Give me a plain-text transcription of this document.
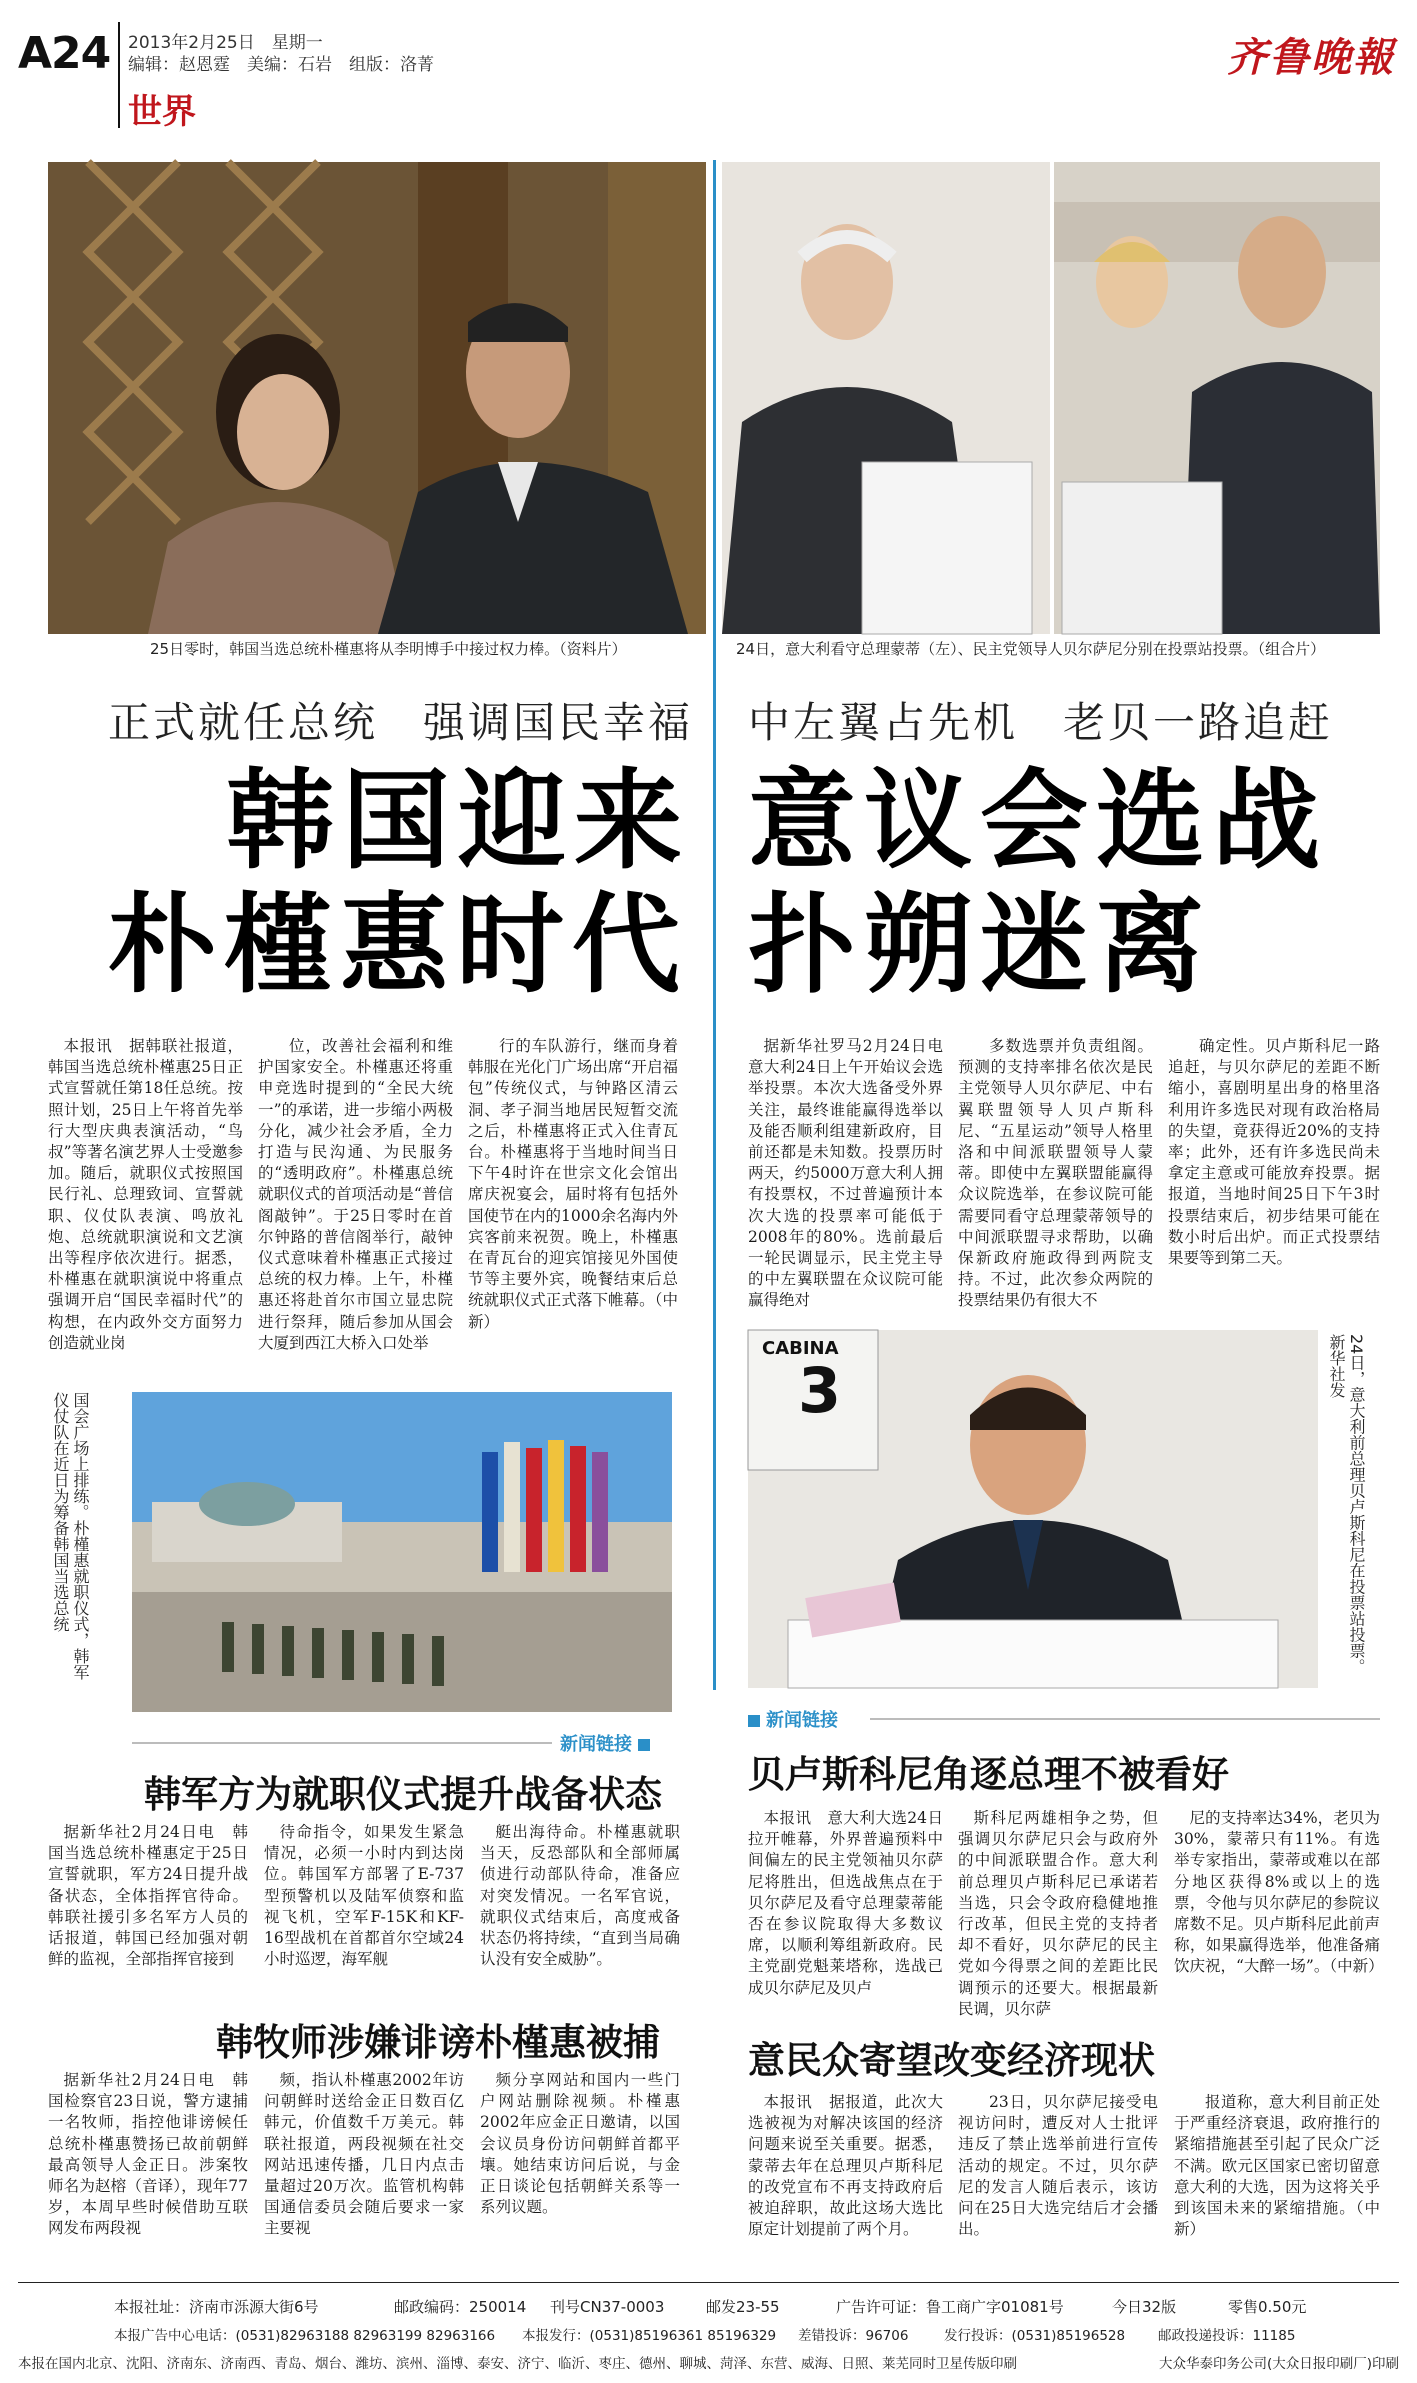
A24 2013年2月25日　星期一
编辑：赵恩霆　美编：石岩　组版：洛菁
世界
齐鲁晚報
25日零时，韩国当选总统朴槿惠将从李明博手中接过权力棒。（资料片）	24日，意大利看守总理蒙蒂（左）、民主党领导人贝尔萨尼分别在投票站投票。（组合片）
正式就任总统　强调国民幸福
韩国迎来
朴槿惠时代
中左翼占先机　老贝一路追赶
意议会选战
扑朔迷离

本报讯　据韩联社报道，韩国当选总统朴槿惠25日正式宣誓就任第18任总统。按照计划，25日上午将首先举行大型庆典表演活动，“鸟叔”等著名演艺界人士受邀参加。随后，就职仪式按照国民行礼、总理致词、宣誓就职、仪仗队表演、鸣放礼炮、总统就职演说和文艺演出等程序依次进行。据悉，朴槿惠在就职演说中将重点强调开启“国民幸福时代”的构想，在内政外交方面努力创造就业岗

位，改善社会福利和维护国家安全。朴槿惠还将重申竞选时提到的“全民大统一”的承诺，进一步缩小两极分化，减少社会矛盾，全力打造与民沟通、为民服务的“透明政府”。朴槿惠总统就职仪式的首项活动是“普信阁敲钟”。于25日零时在首尔钟路的普信阁举行，敲钟仪式意味着朴槿惠正式接过总统的权力棒。上午，朴槿惠还将赴首尔市国立显忠院进行祭拜，随后参加从国会大厦到西江大桥入口处举

行的车队游行，继而身着韩服在光化门广场出席“开启福包”传统仪式，与钟路区清云洞、孝子洞当地居民短暂交流之后，朴槿惠将正式入住青瓦台。朴槿惠将于当地时间当日下午4时许在世宗文化会馆出席庆祝宴会，届时将有包括外国使节在内的1000余名海内外宾客前来祝贺。晚上，朴槿惠在青瓦台的迎宾馆接见外国使节等主要外宾，晚餐结束后总统就职仪式正式落下帷幕。（中新）

据新华社罗马2月24日电　意大利24日上午开始议会选举投票。本次大选备受外界关注，最终谁能赢得选举以及能否顺利组建新政府，目前还都是未知数。投票历时两天，约5000万意大利人拥有投票权，不过普遍预计本次大选的投票率可能低于2008年的80%。选前最后一轮民调显示，民主党主导的中左翼联盟在众议院可能赢得绝对

多数选票并负责组阁。预测的支持率排名依次是民主党领导人贝尔萨尼、中右翼联盟领导人贝卢斯科尼、“五星运动”领导人格里洛和中间派联盟领导人蒙蒂。即使中左翼联盟能赢得众议院选举，在参议院可能需要同看守总理蒙蒂领导的中间派联盟寻求帮助，以确保新政府施政得到两院支持。不过，此次参众两院的投票结果仍有很大不

确定性。贝卢斯科尼一路追赶，与贝尔萨尼的差距不断缩小，喜剧明星出身的格里洛利用许多选民对现有政治格局的失望，竟获得近20%的支持率；此外，还有许多选民尚未拿定主意或可能放弃投票。据报道，当地时间25日下午3时投票结束后，初步结果可能在数小时后出炉。而正式投票结果要等到第二天。

国会广场上排练。朴槿惠就职仪式，韩军仪仗队在近日为筹备韩国当选总统
CABINA
3	24日，意大利前总理贝卢斯科尼在投票站投票。新华社发
新闻链接
韩军方为就职仪式提升战备状态

据新华社2月24日电　韩国当选总统朴槿惠定于25日宣誓就职，军方24日提升战备状态，全体指挥官待命。韩联社援引多名军方人员的话报道，韩国已经加强对朝鲜的监视，全部指挥官接到

待命指令，如果发生紧急情况，必须一小时内到达岗位。韩国军方部署了E-737型预警机以及陆军侦察和监视飞机，空军F-15K和KF-16型战机在首都首尔空域24小时巡逻，海军舰

艇出海待命。朴槿惠就职当天，反恐部队和全部师属侦进行动部队待命，准备应对突发情况。一名军官说，就职仪式结束后，高度戒备状态仍将持续，“直到当局确认没有安全威胁”。

韩牧师涉嫌诽谤朴槿惠被捕

据新华社2月24日电　韩国检察官23日说，警方逮捕一名牧师，指控他诽谤候任总统朴槿惠赞扬已故前朝鲜最高领导人金正日。涉案牧师名为赵榕（音译），现年77岁，本周早些时候借助互联网发布两段视

频，指认朴槿惠2002年访问朝鲜时送给金正日数百亿韩元，价值数千万美元。韩联社报道，两段视频在社交网站迅速传播，几日内点击量超过20万次。监管机构韩国通信委员会随后要求一家主要视

频分享网站和国内一些门户网站删除视频。朴槿惠2002年应金正日邀请，以国会议员身份访问朝鲜首都平壤。她结束访问后说，与金正日谈论包括朝鲜关系等一系列议题。

新闻链接
贝卢斯科尼角逐总理不被看好

本报讯　意大利大选24日拉开帷幕，外界普遍预料中间偏左的民主党领袖贝尔萨尼将胜出，但选战焦点在于贝尔萨尼及看守总理蒙蒂能否在参议院取得大多数议席，以顺利筹组新政府。民主党副党魁莱塔称，选战已成贝尔萨尼及贝卢

斯科尼两雄相争之势，但强调贝尔萨尼只会与政府外的中间派联盟合作。意大利前总理贝卢斯科尼已承诺若当选，只会令政府稳健地推行改革，但民主党的支持者却不看好，贝尔萨尼的民主党如今得票之间的差距比民调预示的还要大。根据最新民调，贝尔萨

尼的支持率达34%，老贝为30%，蒙蒂只有11%。有选举专家指出，蒙蒂或难以在部分地区获得8%或以上的选票，令他与贝尔萨尼的参院议席数不足。贝卢斯科尼此前声称，如果赢得选举，他准备痛饮庆祝，“大醉一场”。（中新）

意民众寄望改变经济现状

本报讯　据报道，此次大选被视为对解决该国的经济问题来说至关重要。据悉，蒙蒂去年在总理贝卢斯科尼的改党宣布不再支持政府后被迫辞职，故此这场大选比原定计划提前了两个月。

23日，贝尔萨尼接受电视访问时，遭反对人士批评违反了禁止选举前进行宣传活动的规定。不过，贝尔萨尼的发言人随后表示，该访问在25日大选完结后才会播出。

报道称，意大利目前正处于严重经济衰退，政府推行的紧缩措施甚至引起了民众广泛不满。欧元区国家已密切留意意大利的大选，因为这将关乎到该国未来的紧缩措施。（中新）

本报社址：济南市泺源大街6号	邮政编码：250014 刊号CN37-0003	邮发23-55	广告许可证：鲁工商广字01081号	今日32版	零售0.50元
本报广告中心电话：(0531)82963188 82963199 82963166 本报发行：(0531)85196361 85196329 差错投诉：96706	发行投诉：(0531)85196528 邮政投递投诉：11185
本报在国内北京、沈阳、济南东、济南西、青岛、烟台、潍坊、滨州、淄博、泰安、济宁、临沂、枣庄、德州、聊城、菏泽、东营、威海、日照、莱芜同时卫星传版印刷	大众华泰印务公司(大众日报印刷厂)印刷
